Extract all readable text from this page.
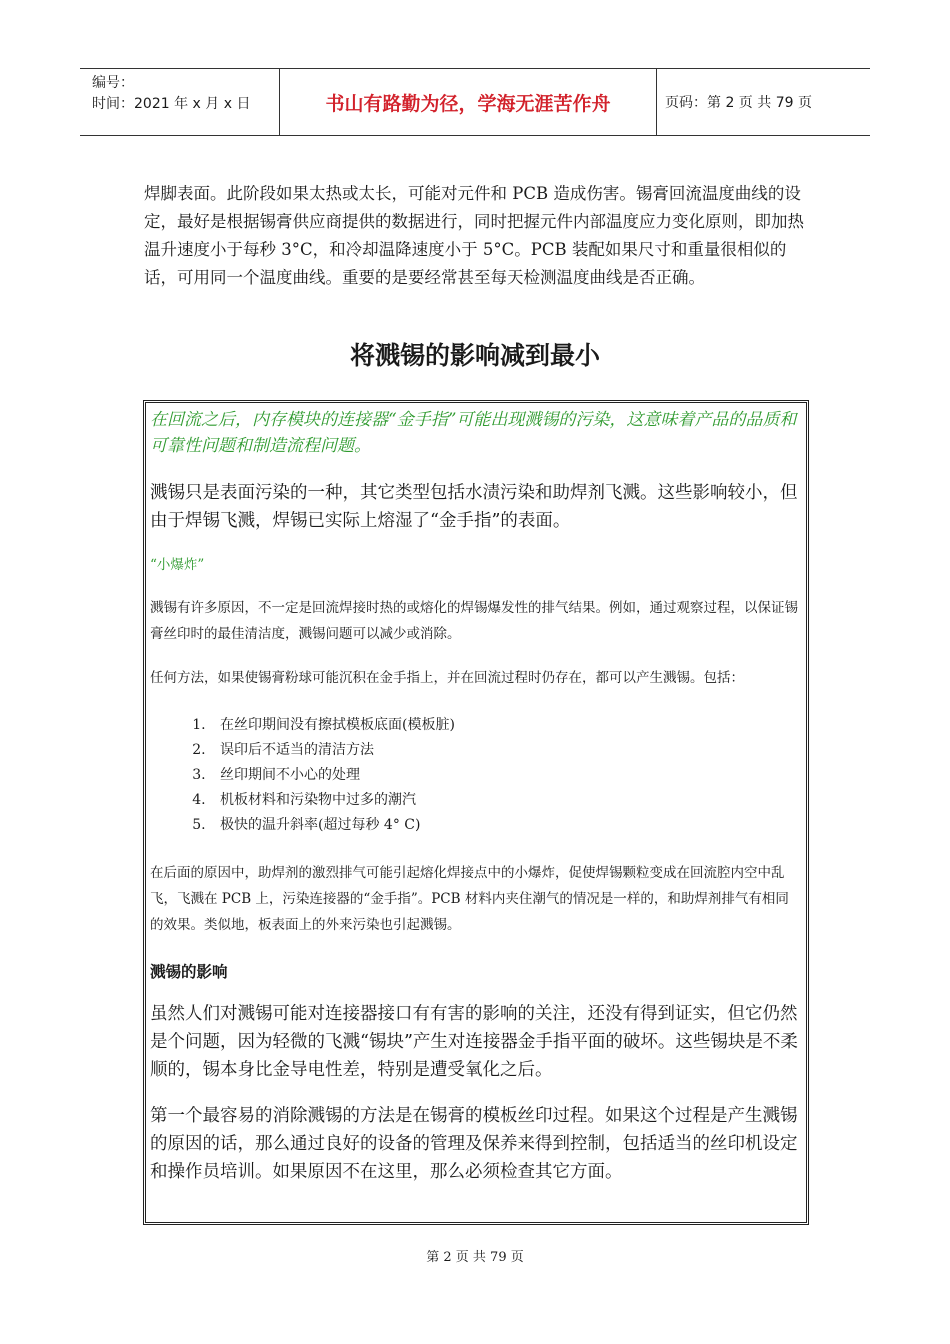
编号：
时间：2021 年 x 月 x 日	书山有路勤为径，学海无涯苦作舟	页码：第 2 页 共 79 页

焊脚表面。此阶段如果太热或太长，可能对元件和 PCB 造成伤害。锡膏回流温度曲线的设定，最好是根据锡膏供应商提供的数据进行，同时把握元件内部温度应力变化原则，即加热温升速度小于每秒 3°C，和冷却温降速度小于 5°C。PCB 装配如果尺寸和重量很相似的话，可用同一个温度曲线。重要的是要经常甚至每天检测温度曲线是否正确。

将溅锡的影响减到最小

在回流之后，内存模块的连接器“金手指”可能出现溅锡的污染，这意味着产品的品质和可靠性问题和制造流程问题。

溅锡只是表面污染的一种，其它类型包括水渍污染和助焊剂飞溅。这些影响较小，但由于焊锡飞溅，焊锡已实际上熔湿了“金手指”的表面。

“小爆炸”

溅锡有许多原因，不一定是回流焊接时热的或熔化的焊锡爆发性的排气结果。例如，通过观察过程，以保证锡膏丝印时的最佳清洁度，溅锡问题可以减少或消除。

任何方法，如果使锡膏粉球可能沉积在金手指上，并在回流过程时仍存在，都可以产生溅锡。包括：

1. 在丝印期间没有擦拭模板底面(模板脏)
2. 误印后不适当的清洁方法
3. 丝印期间不小心的处理
4. 机板材料和污染物中过多的潮汽
5. 极快的温升斜率(超过每秒 4° C)

在后面的原因中，助焊剂的激烈排气可能引起熔化焊接点中的小爆炸，促使焊锡颗粒变成在回流腔内空中乱飞，飞溅在 PCB 上，污染连接器的“金手指”。PCB 材料内夹住潮气的情况是一样的，和助焊剂排气有相同的效果。类似地，板表面上的外来污染也引起溅锡。

溅锡的影响

虽然人们对溅锡可能对连接器接口有有害的影响的关注，还没有得到证实，但它仍然是个问题，因为轻微的飞溅“锡块”产生对连接器金手指平面的破坏。这些锡块是不柔顺的，锡本身比金导电性差，特别是遭受氧化之后。

第一个最容易的消除溅锡的方法是在锡膏的模板丝印过程。如果这个过程是产生溅锡的原因的话，那么通过良好的设备的管理及保养来得到控制，包括适当的丝印机设定和操作员培训。如果原因不在这里，那么必须检查其它方面。

第 2 页 共 79 页
